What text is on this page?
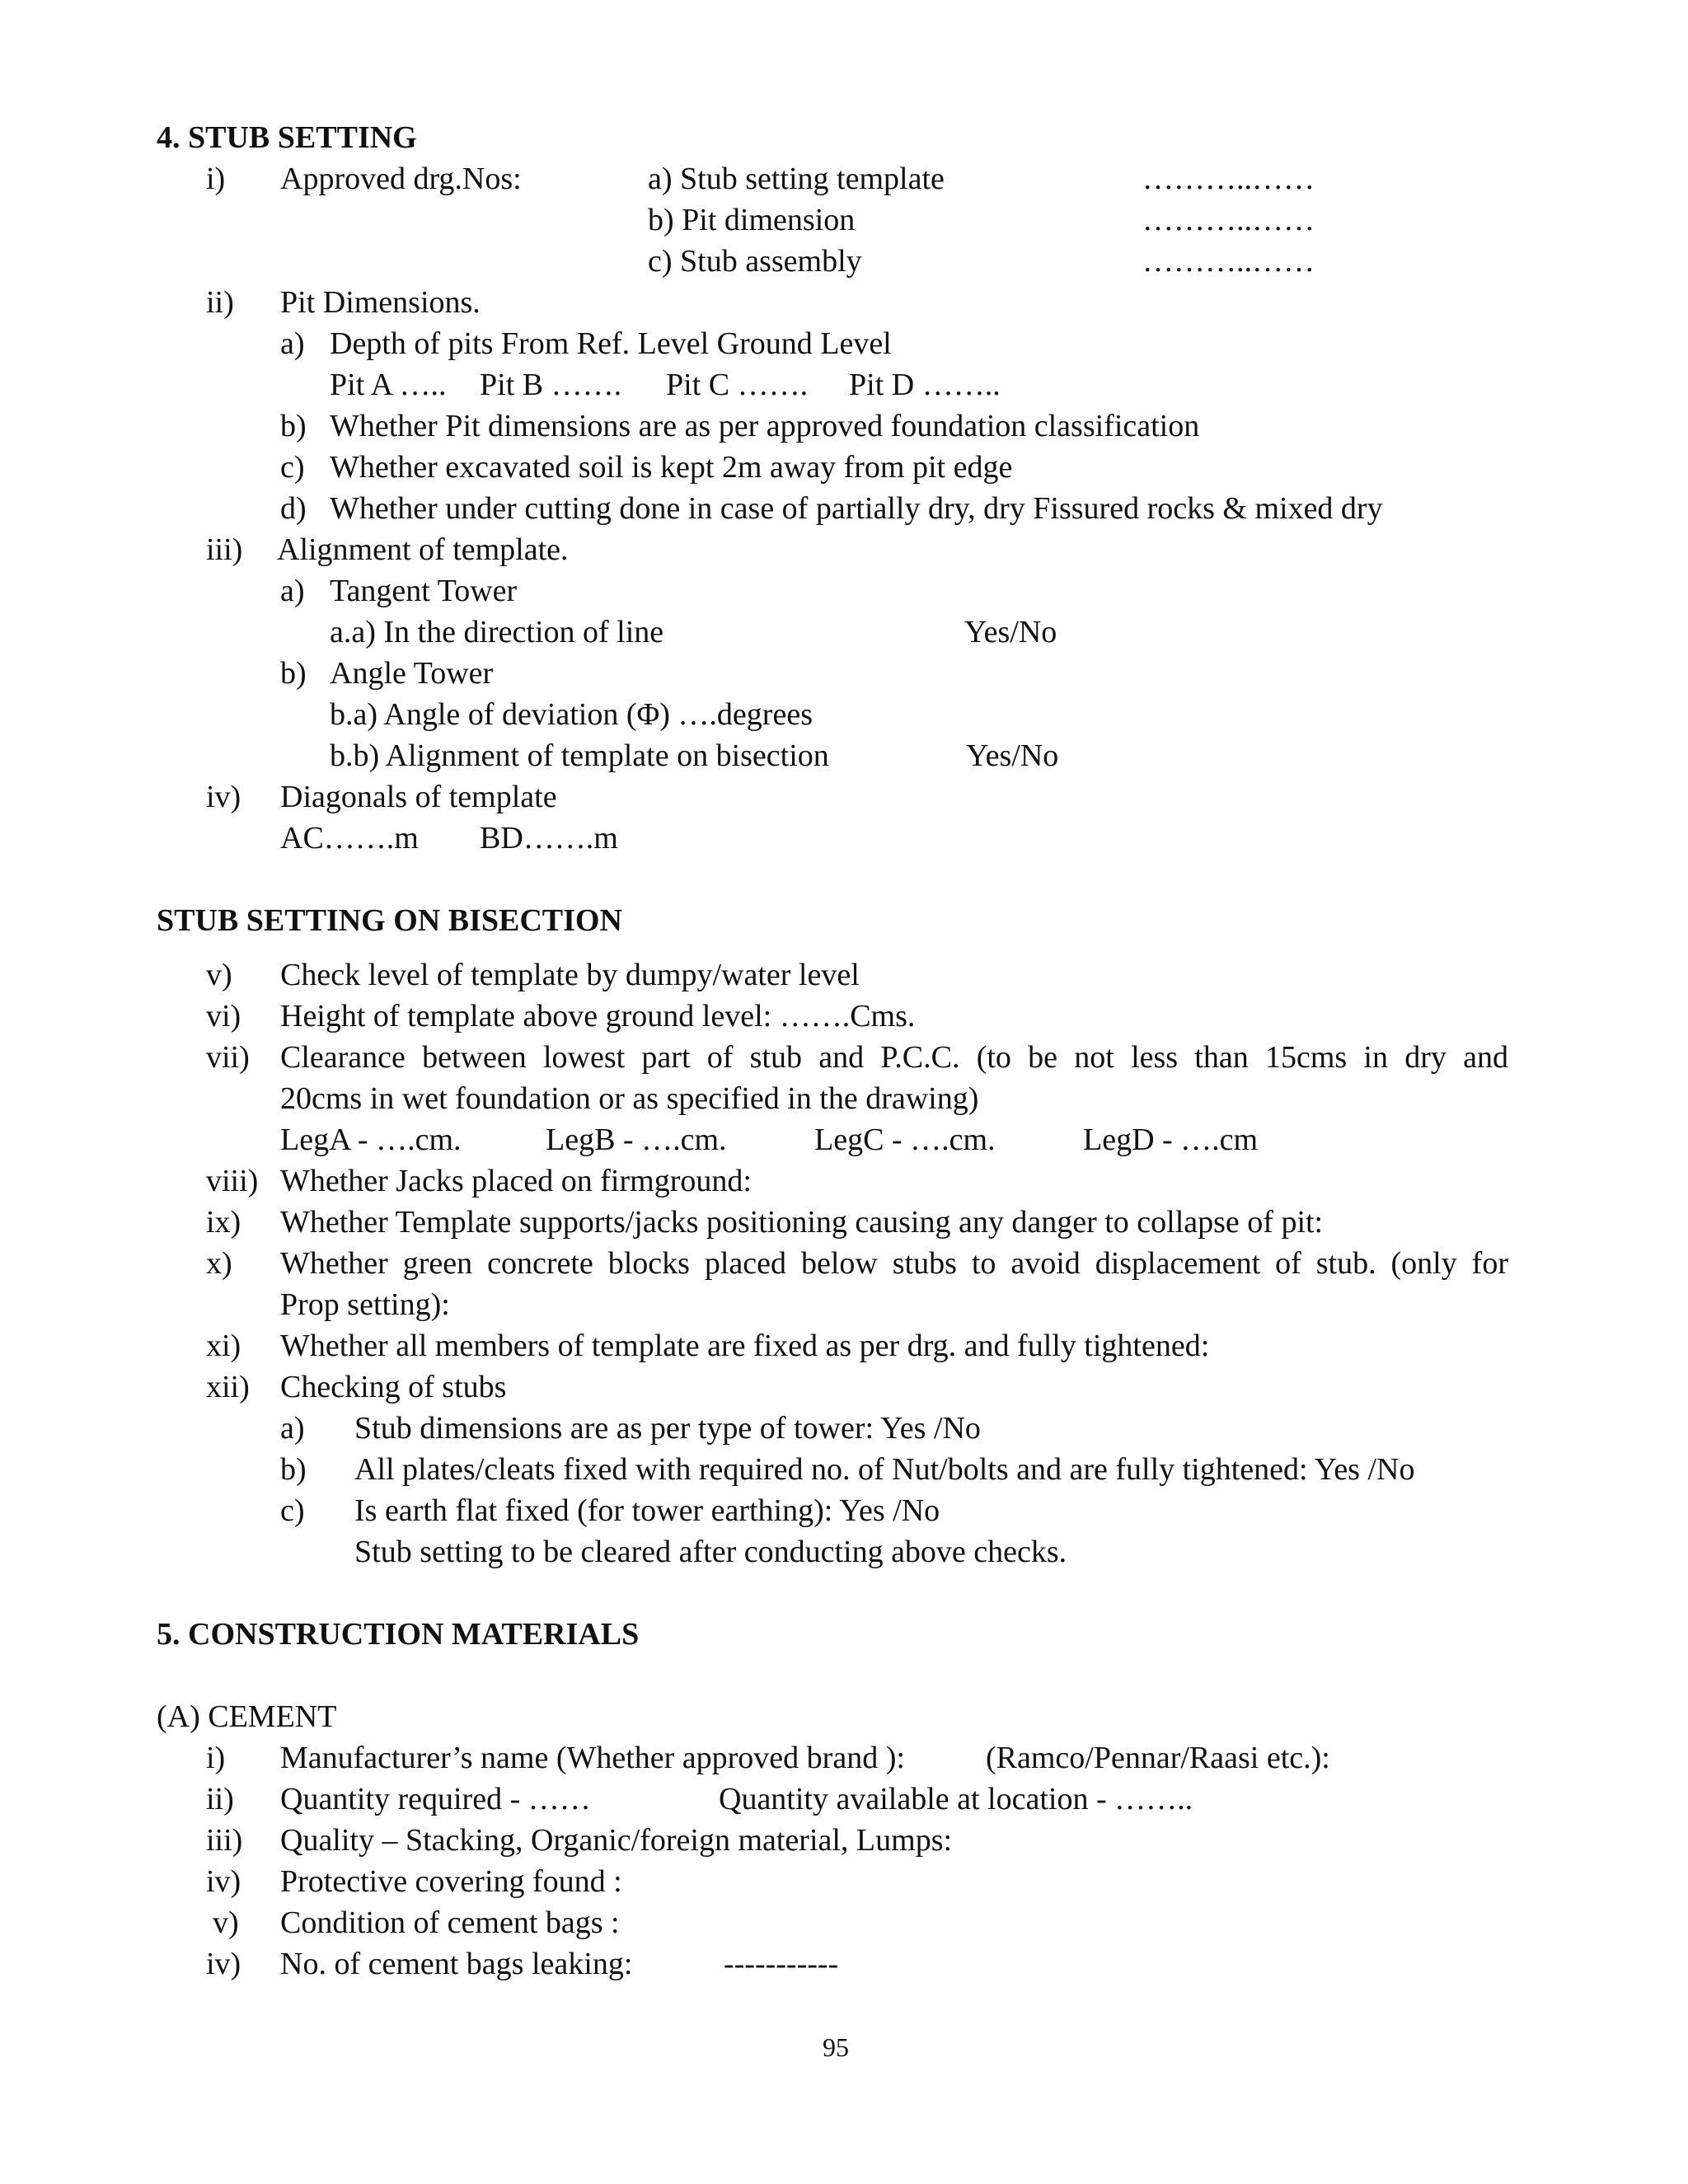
4. STUB SETTING
i) Approved drg.Nos:	a) Stub setting template	………..……
b) Pit dimension	………..……
c) Stub assembly	………..……
ii) Pit Dimensions.
a) Depth of pits From Ref. Level Ground Level
Pit A ….. Pit B ……. Pit C ……. Pit D ……..
b) Whether Pit dimensions are as per approved foundation classification
c) Whether excavated soil is kept 2m away from pit edge
d) Whether under cutting done in case of partially dry, dry Fissured rocks & mixed dry
iii) Alignment of template.
a) Tangent Tower
a.a) In the direction of line	Yes/No
b) Angle Tower
b.a) Angle of deviation (Φ) ….degrees
b.b) Alignment of template on bisection	Yes/No
iv) Diagonals of template
AC…….m BD…….m
STUB SETTING ON BISECTION
v) Check level of template by dumpy/water level
vi) Height of template above ground level: …….Cms.
vii) Clearance between lowest part of stub and P.C.C. (to be not less than 15cms in dry and
20cms in wet foundation or as specified in the drawing)
LegA - ….cm.	LegB - ….cm.	LegC - ….cm.	LegD - ….cm
viii) Whether Jacks placed on firmground:
ix) Whether Template supports/jacks positioning causing any danger to collapse of pit:
x) Whether green concrete blocks placed below stubs to avoid displacement of stub. (only for
Prop setting):
xi) Whether all members of template are fixed as per drg. and fully tightened:
xii) Checking of stubs
a) Stub dimensions are as per type of tower: Yes /No
b) All plates/cleats fixed with required no. of Nut/bolts and are fully tightened: Yes /No
c) Is earth flat fixed (for tower earthing): Yes /No
Stub setting to be cleared after conducting above checks.
5. CONSTRUCTION MATERIALS
(A) CEMENT
i) Manufacturer’s name (Whether approved brand ):	(Ramco/Pennar/Raasi etc.):
ii) Quantity required - ……	Quantity available at location - ……..
iii) Quality – Stacking, Organic/foreign material, Lumps:
iv) Protective covering found :
v) Condition of cement bags :
iv) No. of cement bags leaking:	-----------
95
